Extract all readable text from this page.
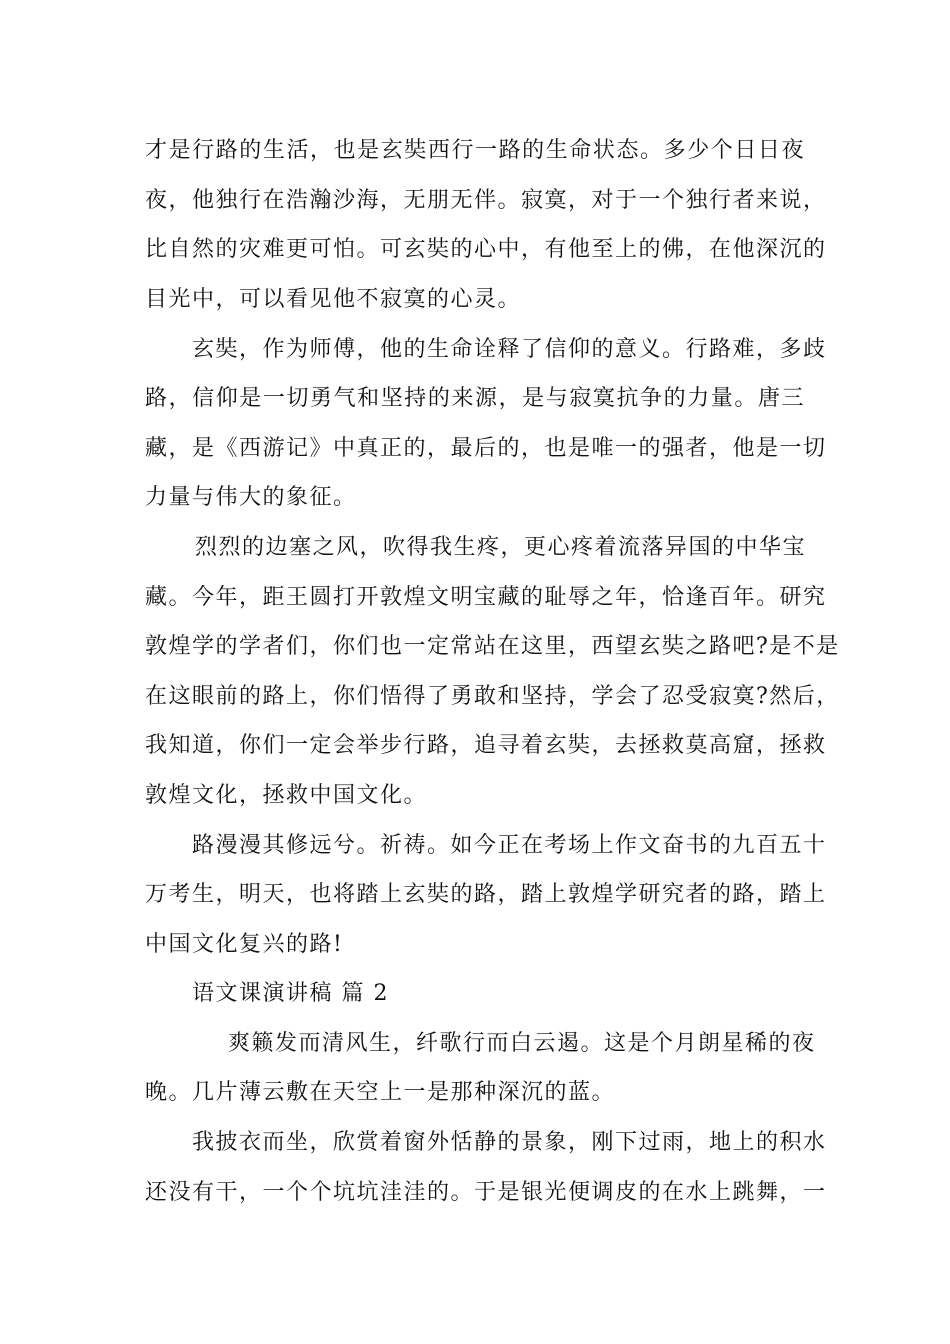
才是行路的生活，也是玄奘西行一路的生命状态。多少个日日夜
夜，他独行在浩瀚沙海，无朋无伴。寂寞，对于一个独行者来说，
比自然的灾难更可怕。可玄奘的心中，有他至上的佛，在他深沉的
目光中，可以看见他不寂寞的心灵。
玄奘，作为师傅，他的生命诠释了信仰的意义。行路难，多歧
路，信仰是一切勇气和坚持的来源，是与寂寞抗争的力量。唐三
藏，是《西游记》中真正的，最后的，也是唯一的强者，他是一切
力量与伟大的象征。
烈烈的边塞之风，吹得我生疼，更心疼着流落异国的中华宝
藏。今年，距王圆打开敦煌文明宝藏的耻辱之年，恰逢百年。研究
敦煌学的学者们，你们也一定常站在这里，西望玄奘之路吧?是不是
在这眼前的路上，你们悟得了勇敢和坚持，学会了忍受寂寞?然后，
我知道，你们一定会举步行路，追寻着玄奘，去拯救莫高窟，拯救
敦煌文化，拯救中国文化。
路漫漫其修远兮。祈祷。如今正在考场上作文奋书的九百五十
万考生，明天，也将踏上玄奘的路，踏上敦煌学研究者的路，踏上
中国文化复兴的路!
语文课演讲稿 篇 2
爽籁发而清风生，纤歌行而白云遏。这是个月朗星稀的夜
晚。几片薄云敷在天空上一是那种深沉的蓝。
我披衣而坐，欣赏着窗外恬静的景象，刚下过雨，地上的积水
还没有干，一个个坑坑洼洼的。于是银光便调皮的在水上跳舞，一
